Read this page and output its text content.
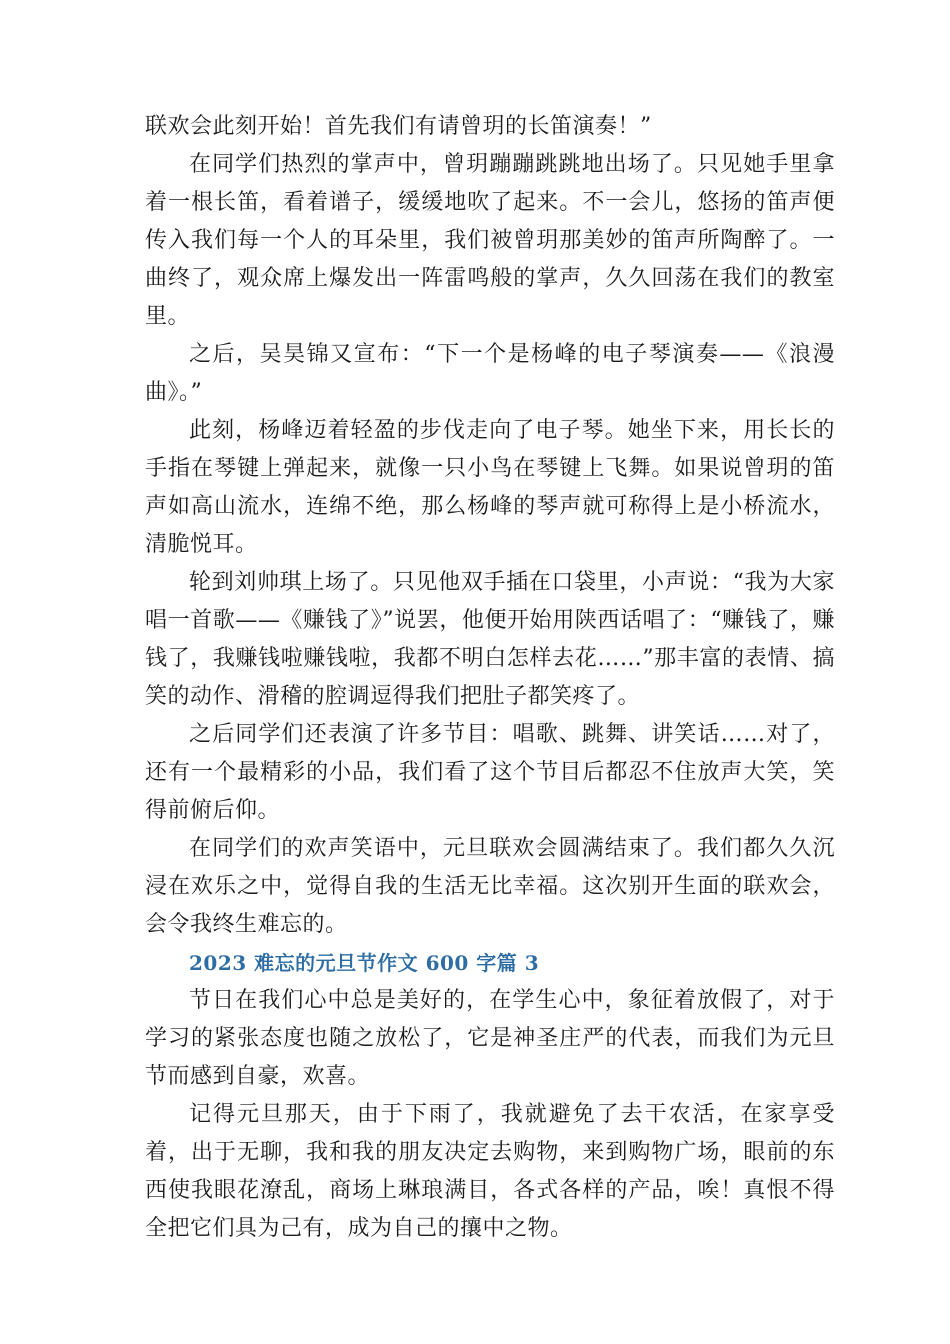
联欢会此刻开始！首先我们有请曾玥的长笛演奏！”

在同学们热烈的掌声中，曾玥蹦蹦跳跳地出场了。只见她手里拿着一根长笛，看着谱子，缓缓地吹了起来。不一会儿，悠扬的笛声便传入我们每一个人的耳朵里，我们被曾玥那美妙的笛声所陶醉了。一曲终了，观众席上爆发出一阵雷鸣般的掌声，久久回荡在我们的教室里。

之后，吴昊锦又宣布：“下一个是杨峰的电子琴演奏——《浪漫曲》。”

此刻，杨峰迈着轻盈的步伐走向了电子琴。她坐下来，用长长的手指在琴键上弹起来，就像一只小鸟在琴键上飞舞。如果说曾玥的笛声如高山流水，连绵不绝，那么杨峰的琴声就可称得上是小桥流水，清脆悦耳。

轮到刘帅琪上场了。只见他双手插在口袋里，小声说：“我为大家唱一首歌——《赚钱了》”说罢，他便开始用陕西话唱了：“赚钱了，赚钱了，我赚钱啦赚钱啦，我都不明白怎样去花……”那丰富的表情、搞笑的动作、滑稽的腔调逗得我们把肚子都笑疼了。

之后同学们还表演了许多节目：唱歌、跳舞、讲笑话……对了，还有一个最精彩的小品，我们看了这个节目后都忍不住放声大笑，笑得前俯后仰。

在同学们的欢声笑语中，元旦联欢会圆满结束了。我们都久久沉浸在欢乐之中，觉得自我的生活无比幸福。这次别开生面的联欢会，会令我终生难忘的。

2023 难忘的元旦节作文 600 字篇 3

节日在我们心中总是美好的，在学生心中，象征着放假了，对于学习的紧张态度也随之放松了，它是神圣庄严的代表，而我们为元旦节而感到自豪，欢喜。

记得元旦那天，由于下雨了，我就避免了去干农活，在家享受着，出于无聊，我和我的朋友决定去购物，来到购物广场，眼前的东西使我眼花潦乱，商场上琳琅满目，各式各样的产品，唉！真恨不得全把它们具为己有，成为自己的攘中之物。
